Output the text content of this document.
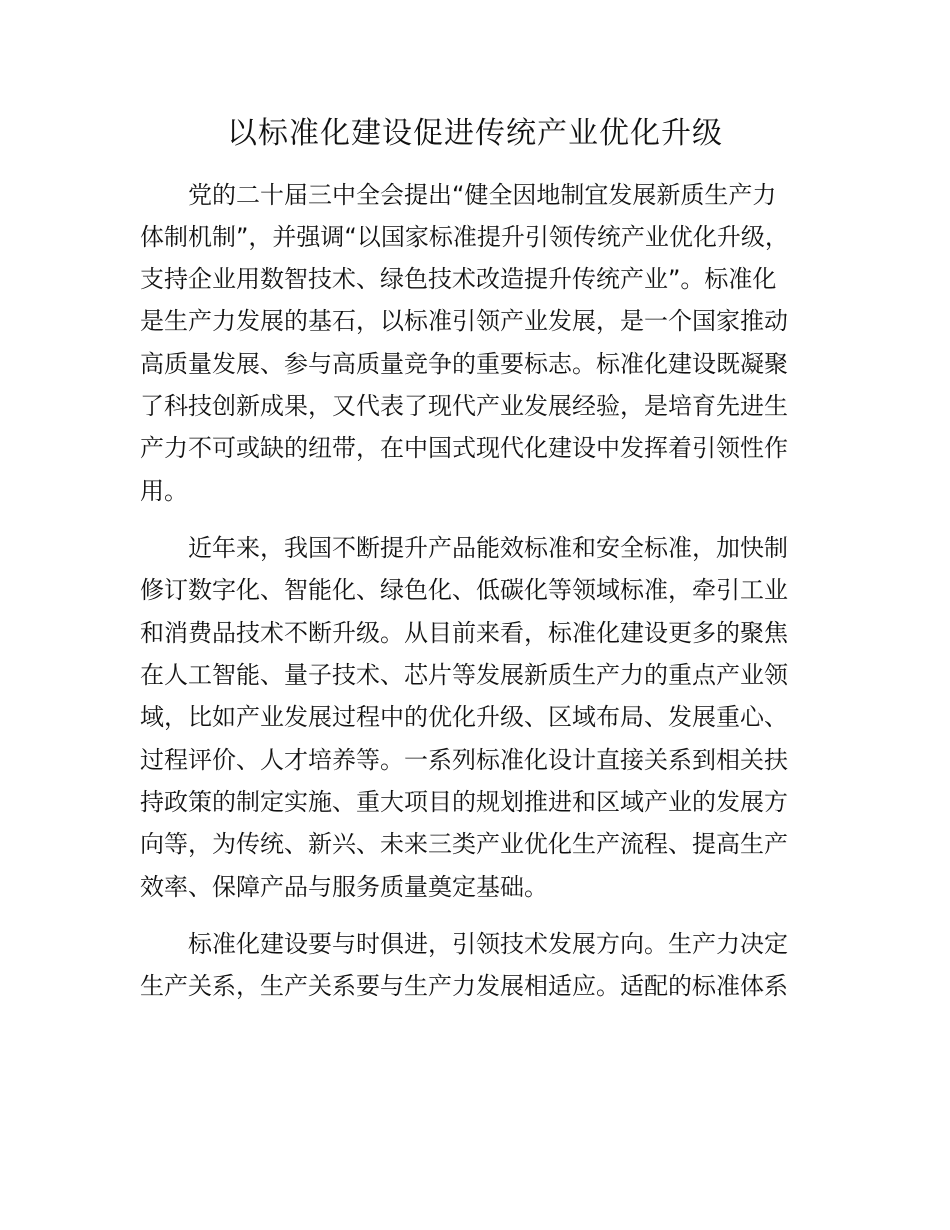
以标准化建设促进传统产业优化升级

党的二十届三中全会提出“健全因地制宜发展新质生产力

体制机制”，并强调“以国家标准提升引领传统产业优化升级，

支持企业用数智技术、绿色技术改造提升传统产业”。标准化

是生产力发展的基石，以标准引领产业发展，是一个国家推动

高质量发展、参与高质量竞争的重要标志。标准化建设既凝聚

了科技创新成果，又代表了现代产业发展经验，是培育先进生

产力不可或缺的纽带，在中国式现代化建设中发挥着引领性作

用。

近年来，我国不断提升产品能效标准和安全标准，加快制

修订数字化、智能化、绿色化、低碳化等领域标准，牵引工业

和消费品技术不断升级。从目前来看，标准化建设更多的聚焦

在人工智能、量子技术、芯片等发展新质生产力的重点产业领

域，比如产业发展过程中的优化升级、区域布局、发展重心、

过程评价、人才培养等。一系列标准化设计直接关系到相关扶

持政策的制定实施、重大项目的规划推进和区域产业的发展方

向等，为传统、新兴、未来三类产业优化生产流程、提高生产

效率、保障产品与服务质量奠定基础。

标准化建设要与时俱进，引领技术发展方向。生产力决定

生产关系，生产关系要与生产力发展相适应。适配的标准体系
